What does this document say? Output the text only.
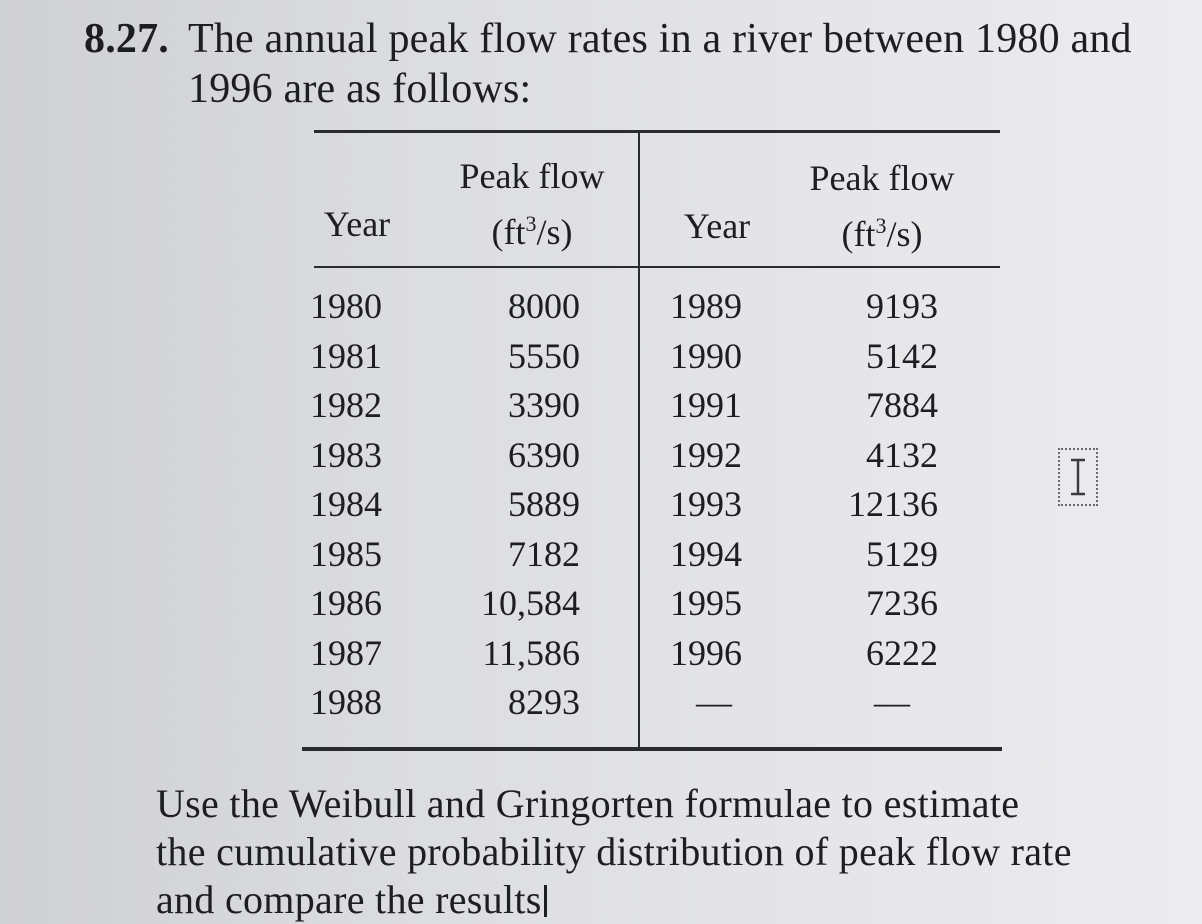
8.27. The annual peak flow rates in a river between 1980 and
1996 are as follows:
Year
Peak flow
$(ft^3/s)$	Year
Peak flow
$(ft^3/s)$
1980
1981
1982
1983
1984
1985
1986
1987
1988
8000
5550
3390
6390
5889
7182
10,584
11,586
8293
1989
1990
1991
1992
1993
1994
1995
1996
—
9193
5142
7884
4132
12136
5129
7236
6222
—
Use the Weibull and Gringorten formulae to estimate
the cumulative probability distribution of peak flow rate
and compare the results
